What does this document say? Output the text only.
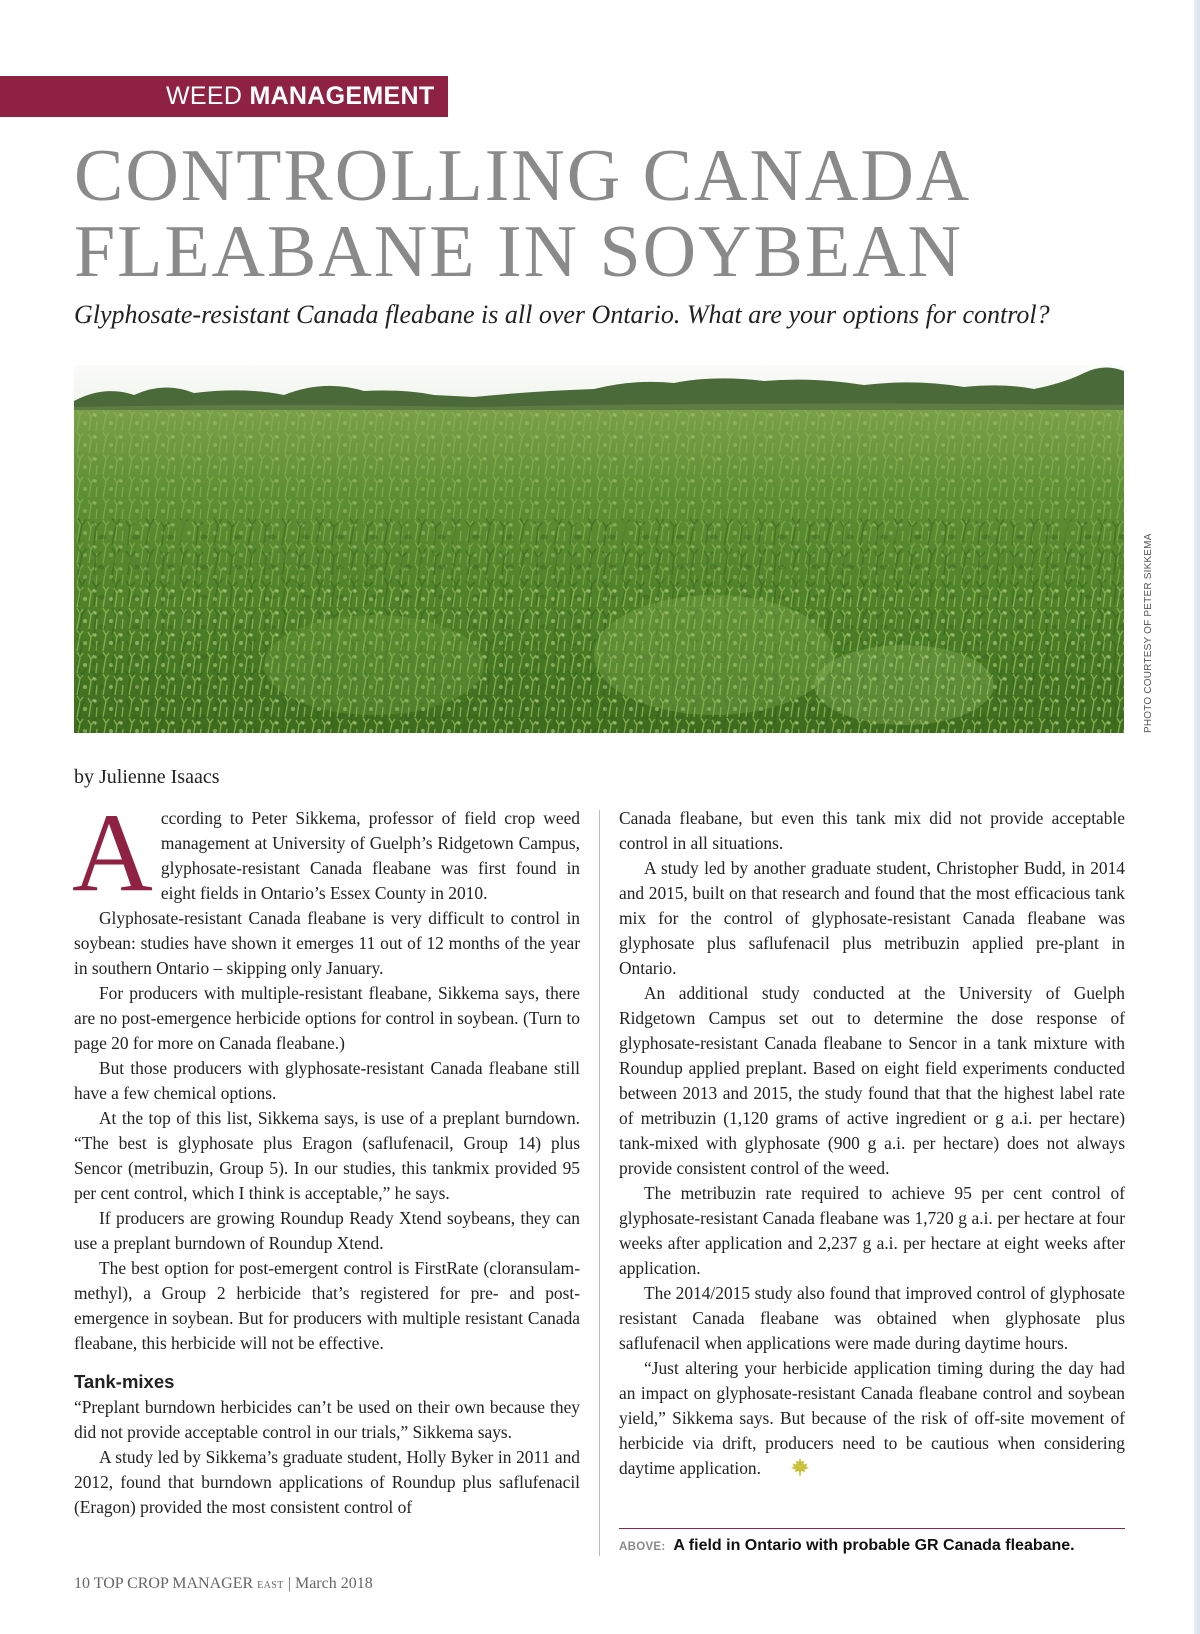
WEED MANAGEMENT
CONTROLLING CANADA
FLEABANE IN SOYBEAN

Glyphosate-resistant Canada fleabane is all over Ontario. What are your options for control?

PHOTO COURTESY OF PETER SIKKEMA
by Julienne Isaacs

According to Peter Sikkema, professor of field crop weed management at University of Guelph’s Ridgetown Campus, glyphosate-resistant Canada fleabane was first found in eight fields in Ontario’s Essex County in 2010.

Glyphosate-resistant Canada fleabane is very difficult to control in soybean: studies have shown it emerges 11 out of 12 months of the year in southern Ontario – skipping only January.

For producers with multiple-resistant fleabane, Sikkema says, there are no post-emergence herbicide options for control in soybean. (Turn to page 20 for more on Canada fleabane.)

But those producers with glyphosate-resistant Canada fleabane still have a few chemical options.

At the top of this list, Sikkema says, is use of a preplant burndown. “The best is glyphosate plus Eragon (saflufenacil, Group 14) plus Sencor (metribuzin, Group 5). In our studies, this tankmix provided 95 per cent control, which I think is acceptable,” he says.

If producers are growing Roundup Ready Xtend soybeans, they can use a preplant burndown of Roundup Xtend.

The best option for post-emergent control is FirstRate (cloransulam-methyl), a Group 2 herbicide that’s registered for pre- and post-emergence in soybean. But for producers with multiple resistant Canada fleabane, this herbicide will not be effective.

Tank-mixes

“Preplant burndown herbicides can’t be used on their own because they did not provide acceptable control in our trials,” Sikkema says.

A study led by Sikkema’s graduate student, Holly Byker in 2011 and 2012, found that burndown applications of Roundup plus saflufenacil (Eragon) provided the most consistent control of

Canada fleabane, but even this tank mix did not provide acceptable control in all situations.

A study led by another graduate student, Christopher Budd, in 2014 and 2015, built on that research and found that the most efficacious tank mix for the control of glyphosate-resistant Canada fleabane was glyphosate plus saflufenacil plus metribuzin applied pre-plant in Ontario.

An additional study conducted at the University of Guelph Ridgetown Campus set out to determine the dose response of glyphosate-resistant Canada fleabane to Sencor in a tank mixture with Roundup applied preplant. Based on eight field experiments conducted between 2013 and 2015, the study found that that the highest label rate of metribuzin (1,120 grams of active ingredient or g a.i. per hectare) tank-mixed with glyphosate (900 g a.i. per hectare) does not always provide consistent control of the weed.

The metribuzin rate required to achieve 95 per cent control of glyphosate-resistant Canada fleabane was 1,720 g a.i. per hectare at four weeks after application and 2,237 g a.i. per hectare at eight weeks after application.

The 2014/2015 study also found that improved control of glyphosate resistant Canada fleabane was obtained when glyphosate plus saflufenacil when applications were made during daytime hours.

“Just altering your herbicide application timing during the day had an impact on glyphosate-resistant Canada fleabane control and soybean yield,” Sikkema says. But because of the risk of off-site movement of herbicide via drift, producers need to be cautious when considering daytime application.

ABOVE: A field in Ontario with probable GR Canada fleabane.
10 TOP CROP MANAGER EAST | March 2018
